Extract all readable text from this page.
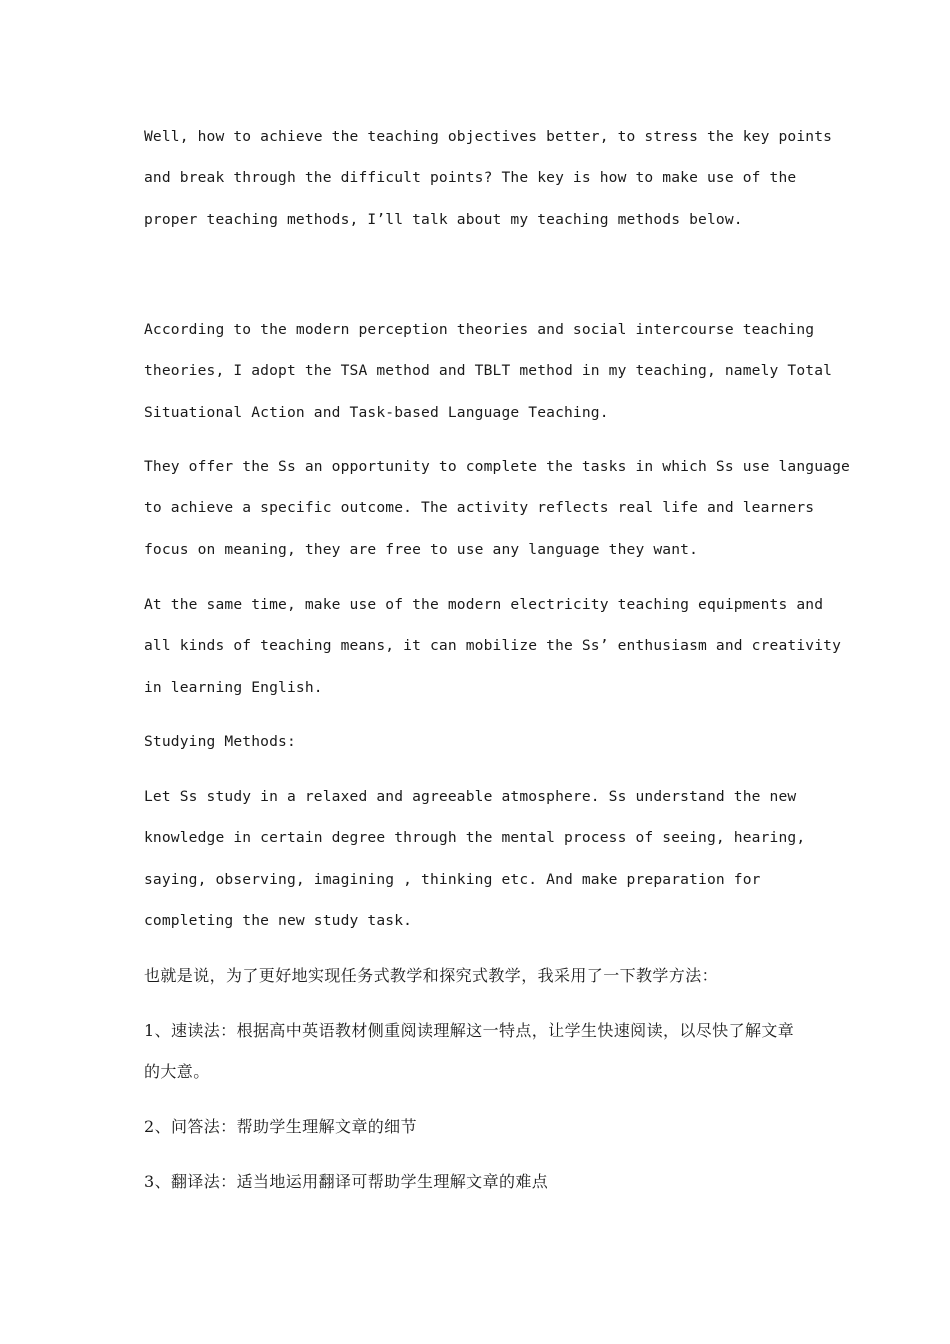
Well, how to achieve the teaching objectives better, to stress the key points
and break through the difficult points? The key is how to make use of the
proper teaching methods, I’ll talk about my teaching methods below.

According to the modern perception theories and social intercourse teaching
theories, I adopt the TSA method and TBLT method in my teaching, namely Total
Situational Action and Task-based Language Teaching.

They offer the Ss an opportunity to complete the tasks in which Ss use language
to achieve a specific outcome. The activity reflects real life and learners
focus on meaning, they are free to use any language they want.

At the same time, make use of the modern electricity teaching equipments and
all kinds of teaching means, it can mobilize the Ss’ enthusiasm and creativity
in learning English.

Studying Methods:

Let Ss study in a relaxed and agreeable atmosphere. Ss understand the new
knowledge in certain degree through the mental process of seeing, hearing,
saying, observing, imagining , thinking etc. And make preparation for
completing the new study task.

也就是说，为了更好地实现任务式教学和探究式教学，我采用了一下教学方法：

1、速读法：根据高中英语教材侧重阅读理解这一特点，让学生快速阅读，以尽快了解文章
的大意。

2、问答法：帮助学生理解文章的细节

3、翻译法：适当地运用翻译可帮助学生理解文章的难点
